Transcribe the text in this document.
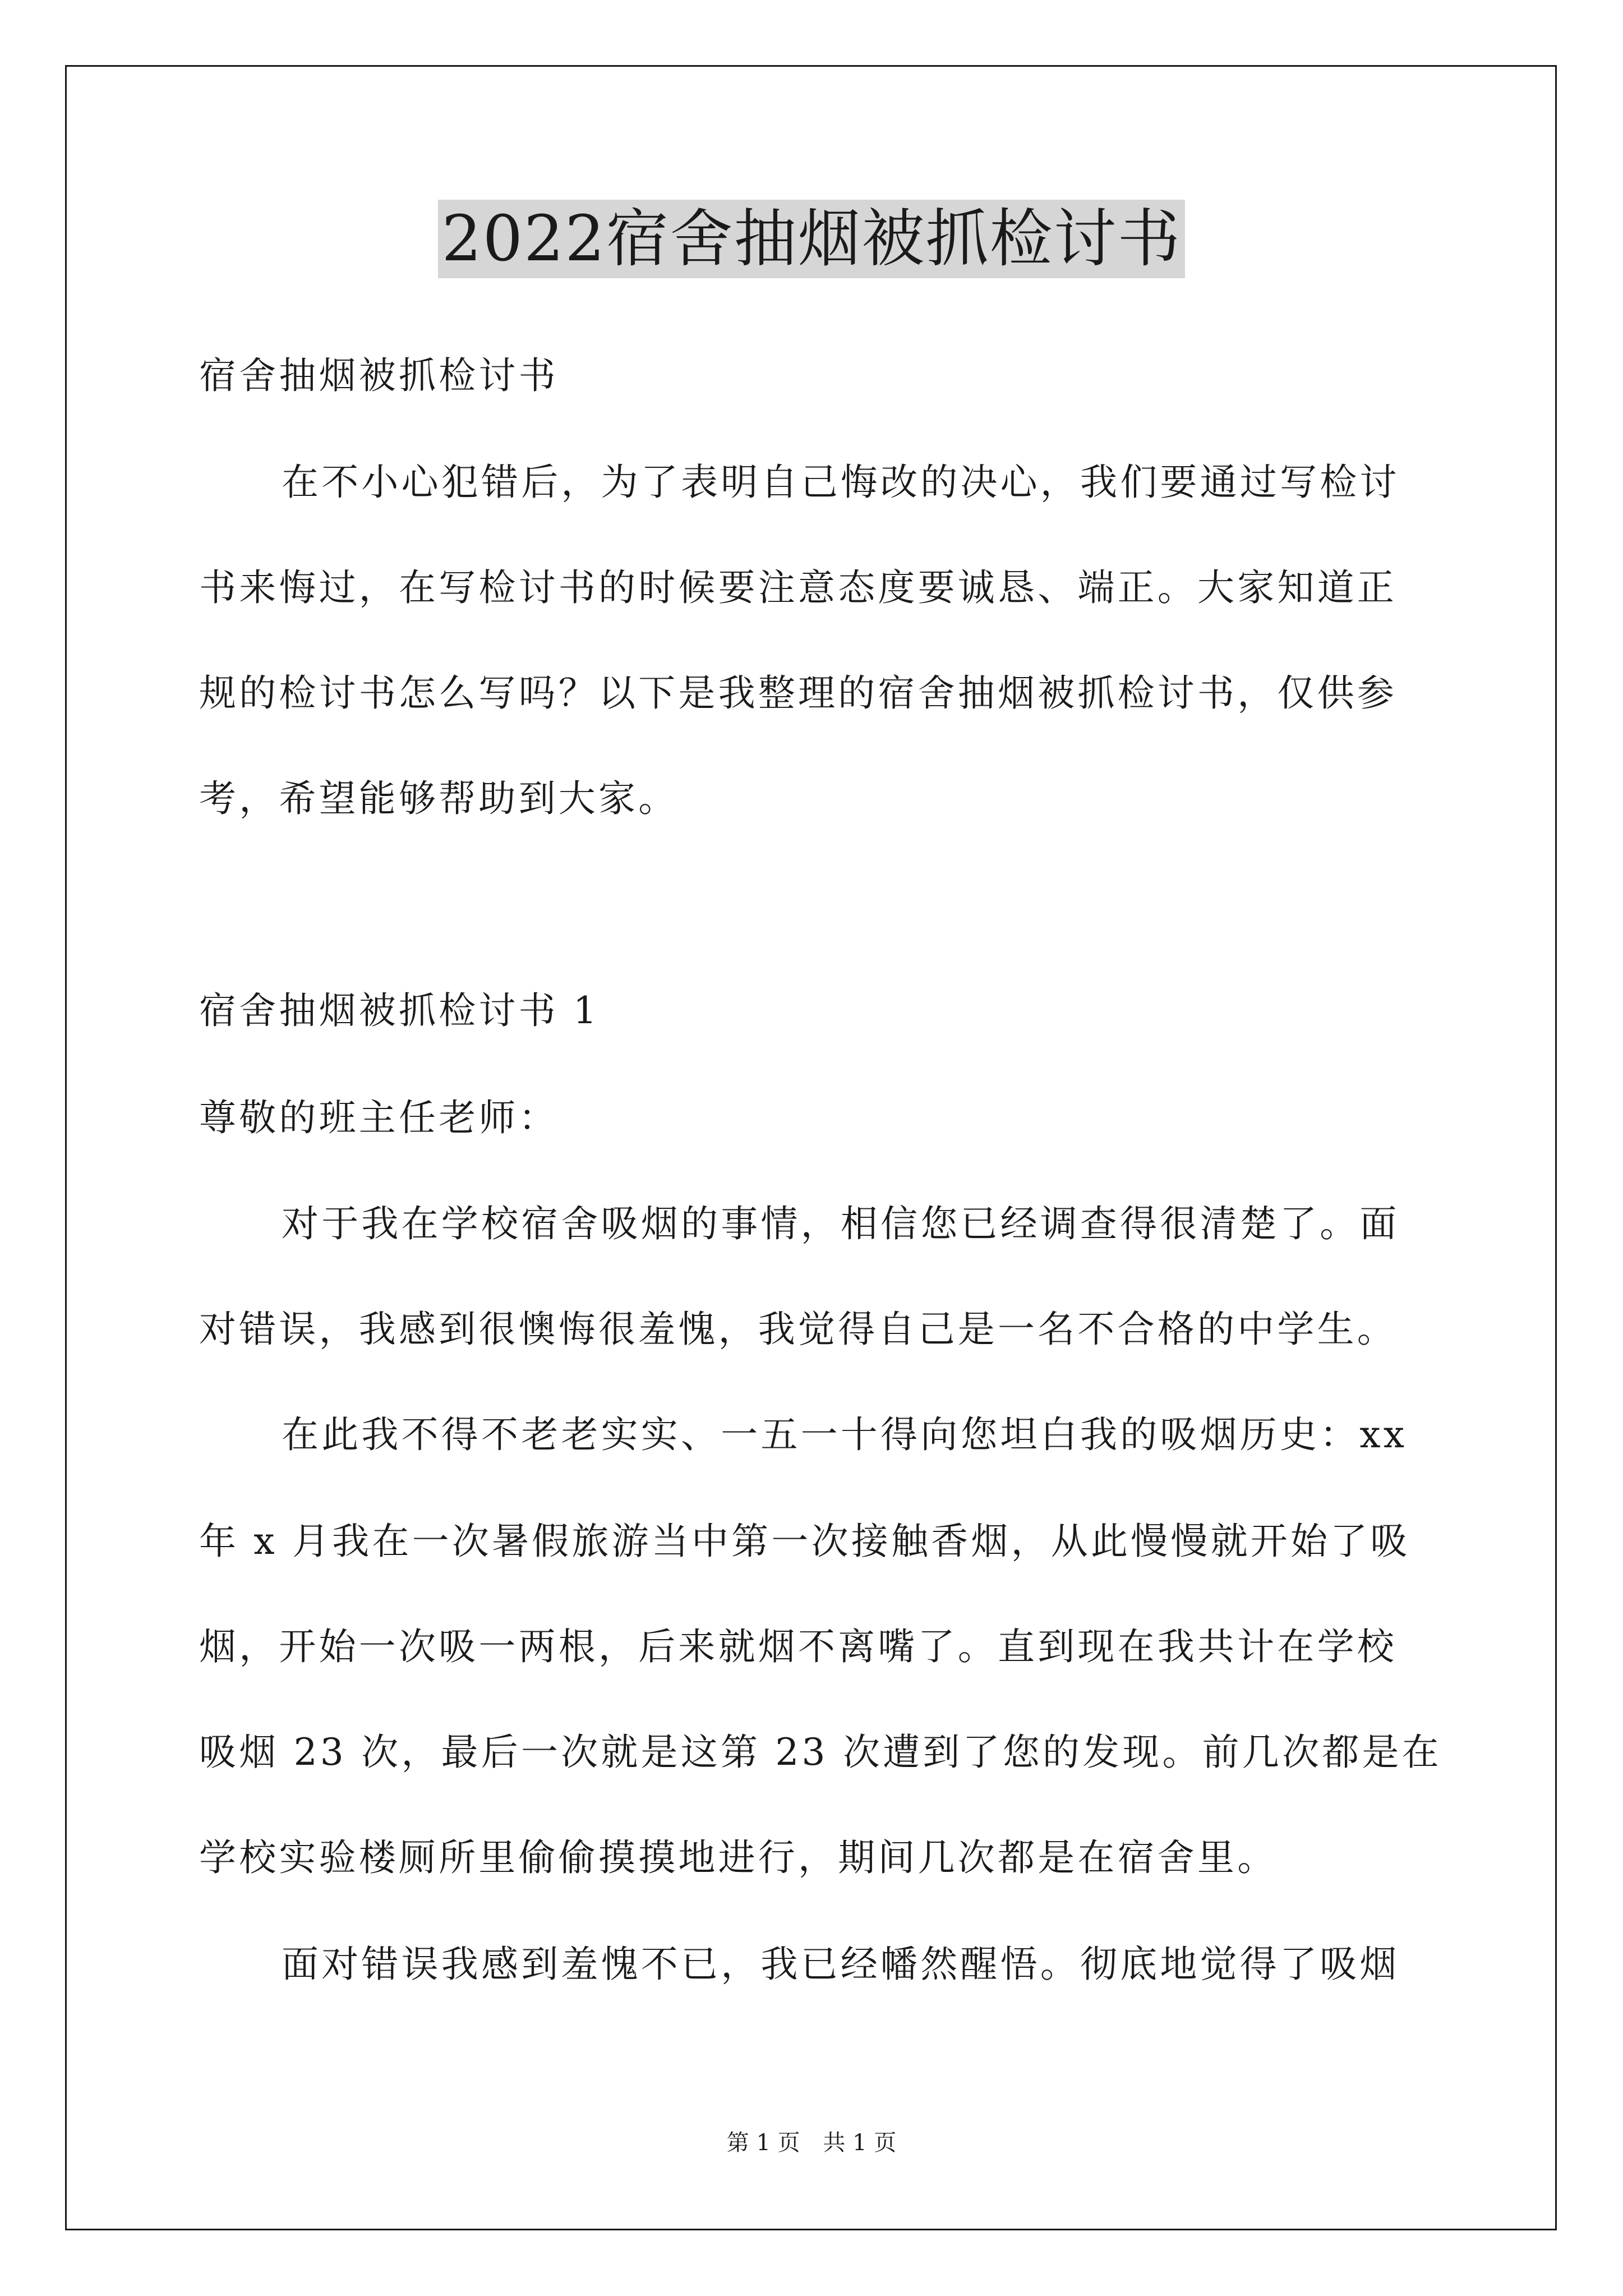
2022宿舍抽烟被抓检讨书
宿舍抽烟被抓检讨书
在不小心犯错后，为了表明自己悔改的决心，我们要通过写检讨
书来悔过，在写检讨书的时候要注意态度要诚恳、端正。大家知道正
规的检讨书怎么写吗？以下是我整理的宿舍抽烟被抓检讨书，仅供参
考，希望能够帮助到大家。
宿舍抽烟被抓检讨书 1
尊敬的班主任老师：
对于我在学校宿舍吸烟的事情，相信您已经调查得很清楚了。面
对错误，我感到很懊悔很羞愧，我觉得自己是一名不合格的中学生。
在此我不得不老老实实、一五一十得向您坦白我的吸烟历史：xx
年 x 月我在一次暑假旅游当中第一次接触香烟，从此慢慢就开始了吸
烟，开始一次吸一两根，后来就烟不离嘴了。直到现在我共计在学校
吸烟 23 次，最后一次就是这第 23 次遭到了您的发现。前几次都是在
学校实验楼厕所里偷偷摸摸地进行，期间几次都是在宿舍里。
面对错误我感到羞愧不已，我已经幡然醒悟。彻底地觉得了吸烟
第 1 页 共 1 页
